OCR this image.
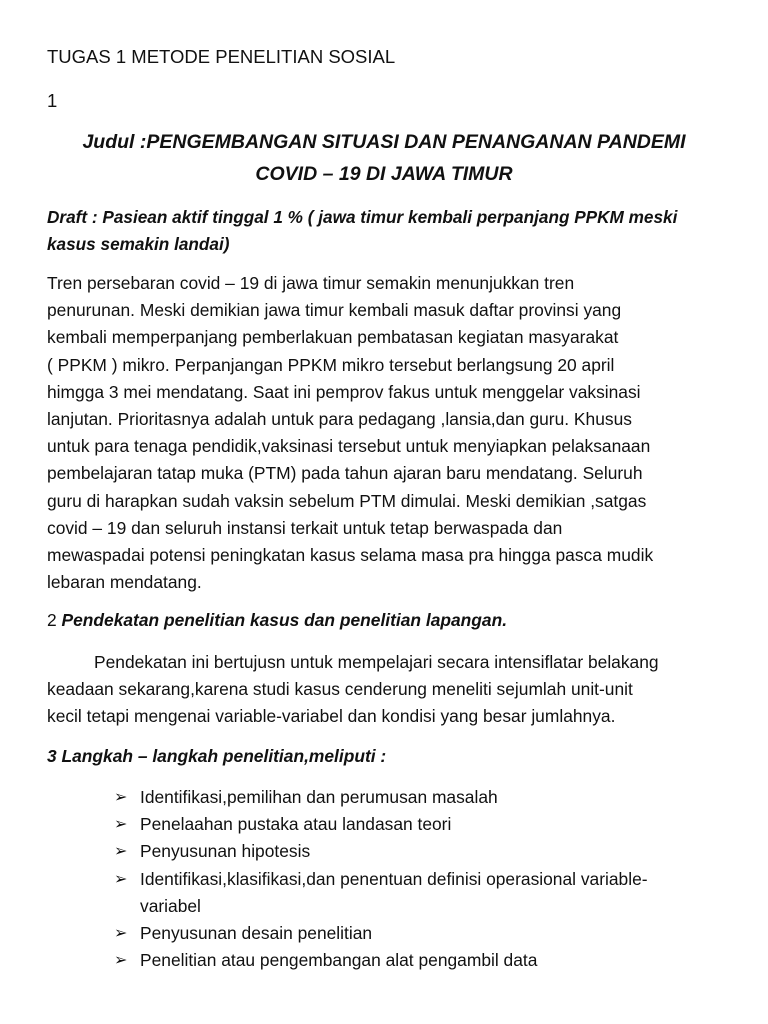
TUGAS 1 METODE PENELITIAN SOSIAL
1
Judul :PENGEMBANGAN SITUASI DAN PENANGANAN PANDEMI
COVID – 19 DI JAWA TIMUR
Draft : Pasiean aktif tinggal 1 % ( jawa timur kembali perpanjang PPKM meski
kasus semakin landai)
Tren persebaran covid – 19 di jawa timur semakin menunjukkan tren
penurunan. Meski demikian jawa timur kembali masuk daftar provinsi yang
kembali memperpanjang pemberlakuan pembatasan kegiatan masyarakat
( PPKM ) mikro. Perpanjangan PPKM mikro tersebut berlangsung 20 april
himgga 3 mei mendatang. Saat ini pemprov fakus untuk menggelar vaksinasi
lanjutan. Prioritasnya adalah untuk para pedagang ,lansia,dan guru. Khusus
untuk para tenaga pendidik,vaksinasi tersebut untuk menyiapkan pelaksanaan
pembelajaran tatap muka (PTM) pada tahun ajaran baru mendatang. Seluruh
guru di harapkan sudah vaksin sebelum PTM dimulai. Meski demikian ,satgas
covid – 19 dan seluruh instansi terkait untuk tetap berwaspada dan
mewaspadai potensi peningkatan kasus selama masa pra hingga pasca mudik
lebaran mendatang.
2 Pendekatan penelitian kasus dan penelitian lapangan.
Pendekatan ini bertujusn untuk mempelajari secara intensiflatar belakang
keadaan sekarang,karena studi kasus cenderung meneliti sejumlah unit-unit
kecil tetapi mengenai variable-variabel dan kondisi yang besar jumlahnya.
3 Langkah – langkah penelitian,meliputi :
➢ Identifikasi,pemilihan dan perumusan masalah
➢ Penelaahan pustaka atau landasan teori
➢ Penyusunan hipotesis
➢ Identifikasi,klasifikasi,dan penentuan definisi operasional variable-
variabel
➢ Penyusunan desain penelitian
➢ Penelitian atau pengembangan alat pengambil data
